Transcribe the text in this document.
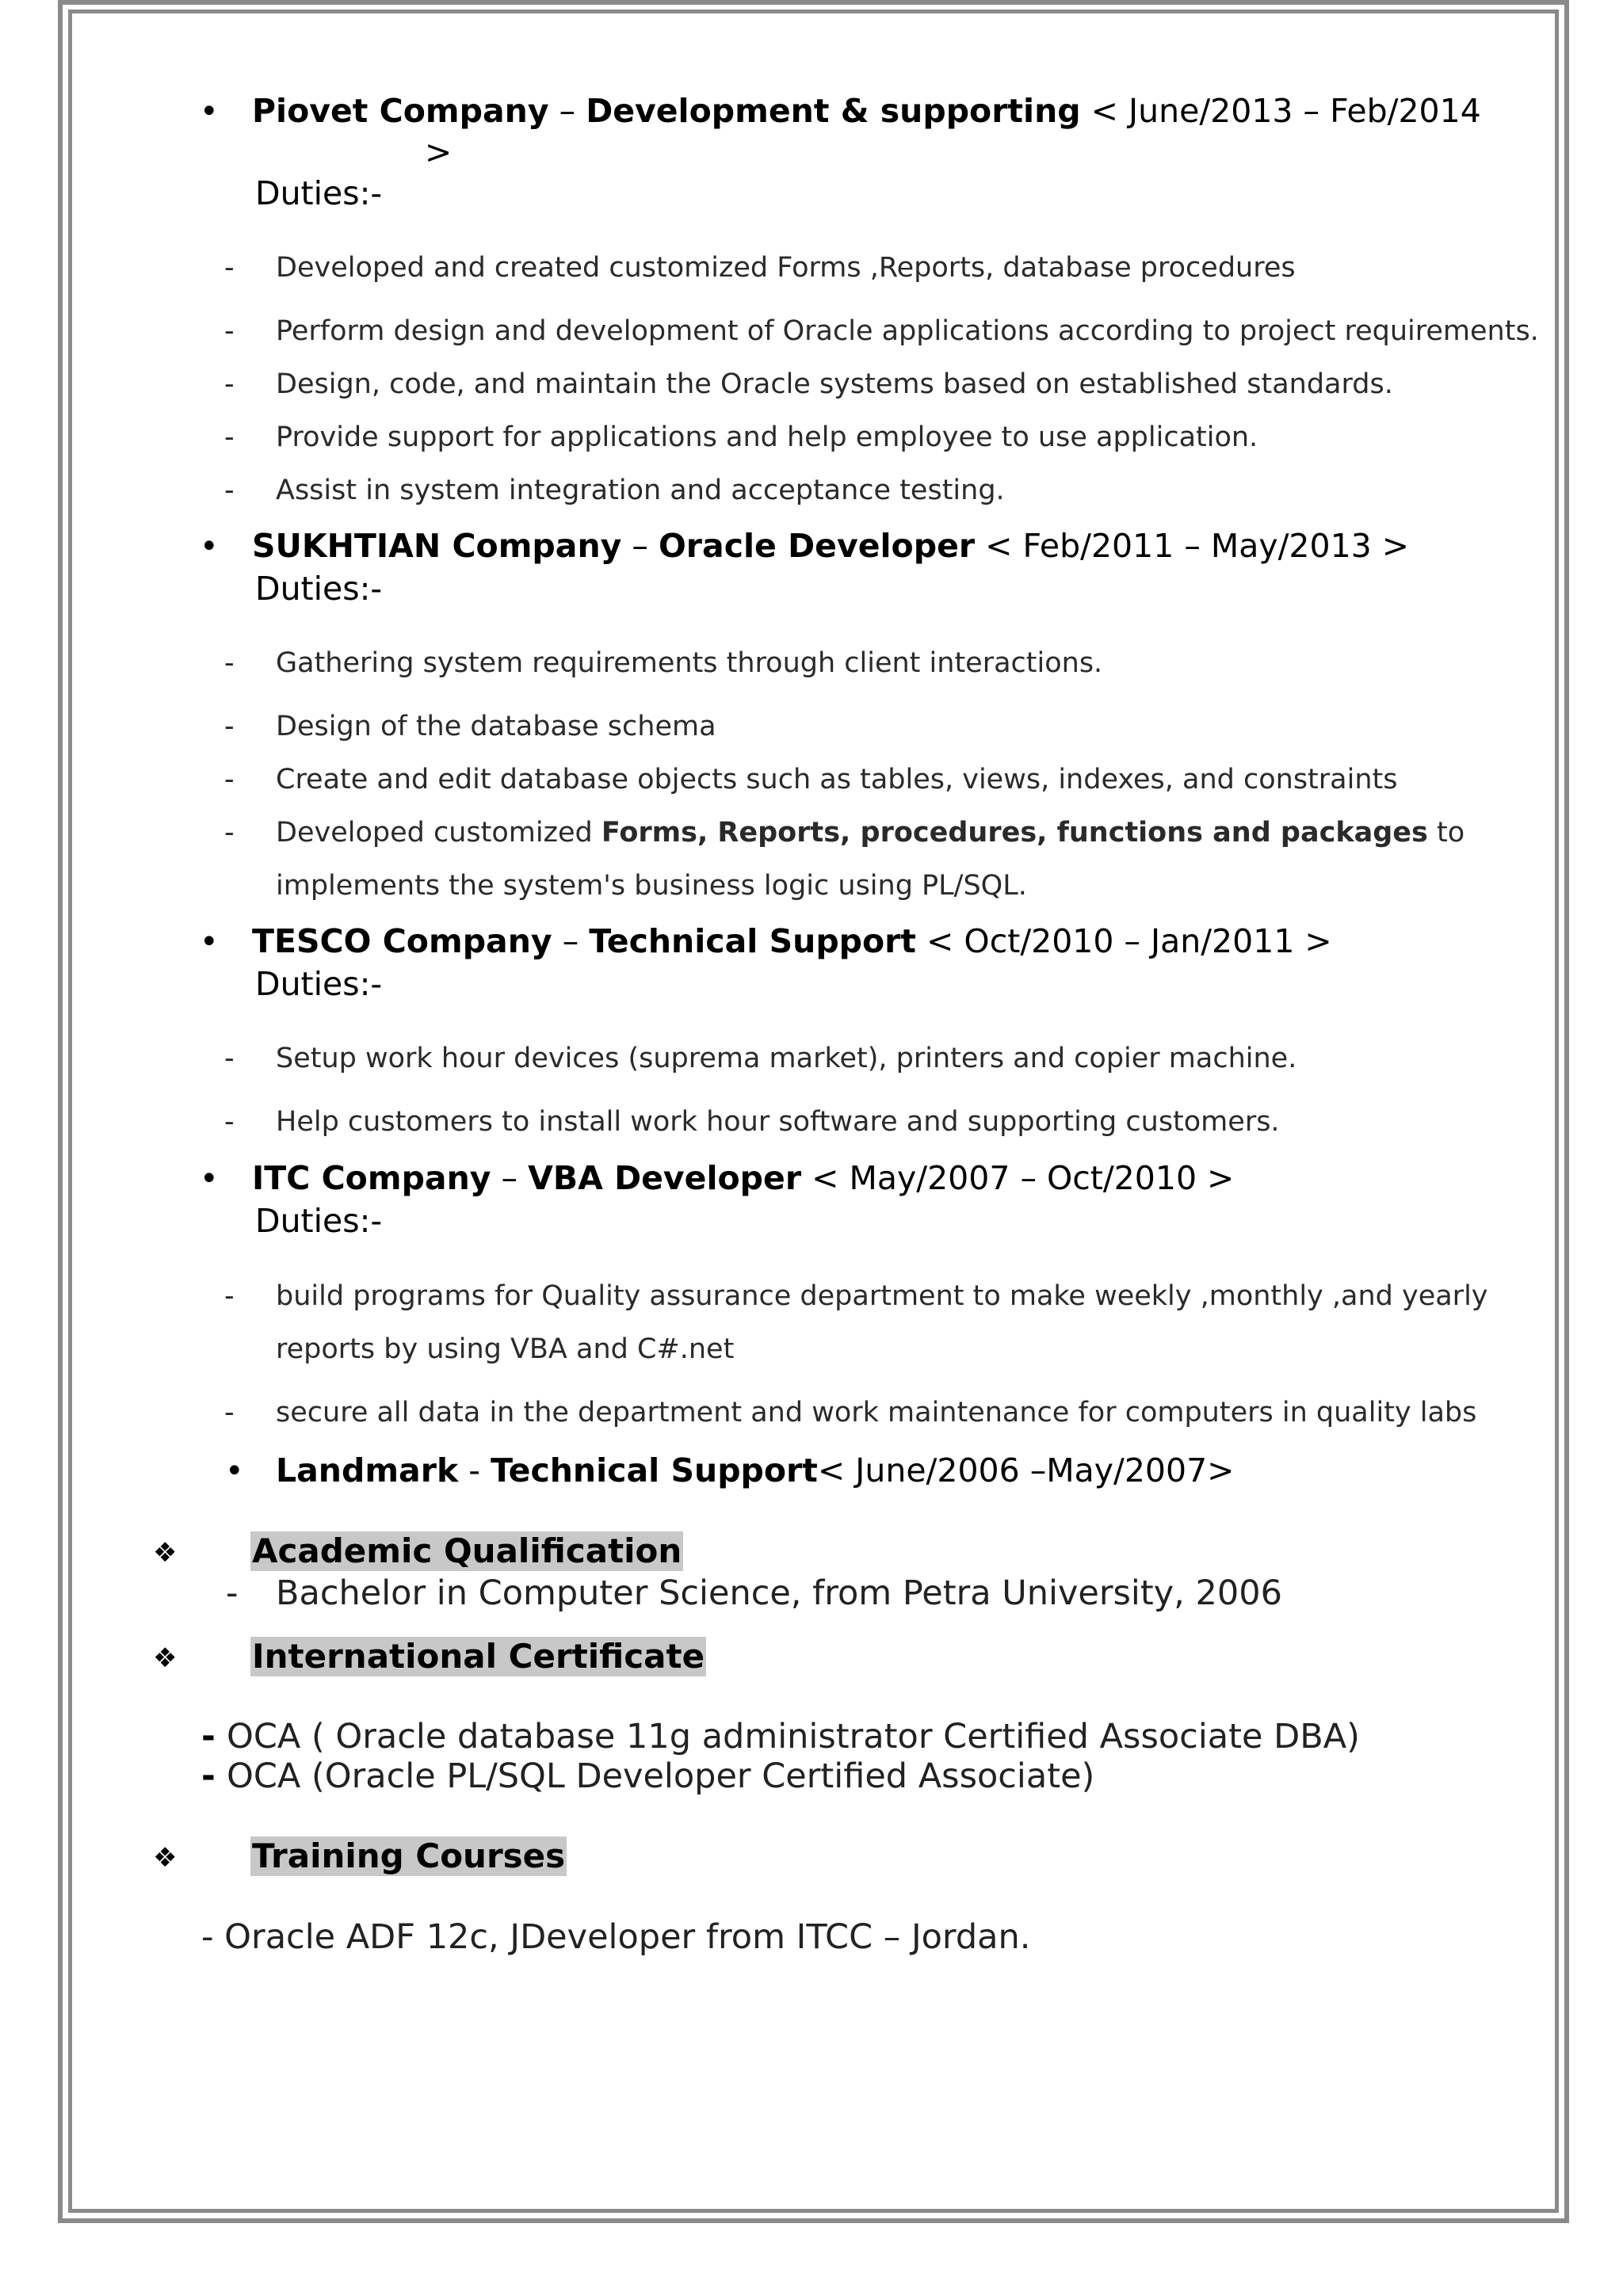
• Piovet Company – Development & supporting < June/2013 – Feb/2014
>
Duties:-
- Developed and created customized Forms ,Reports, database procedures
- Perform design and development of Oracle applications according to project requirements.
- Design, code, and maintain the Oracle systems based on established standards.
- Provide support for applications and help employee to use application.
- Assist in system integration and acceptance testing.
• SUKHTIAN Company – Oracle Developer < Feb/2011 – May/2013 >
Duties:-
- Gathering system requirements through client interactions.
- Design of the database schema
- Create and edit database objects such as tables, views, indexes, and constraints
- Developed customized Forms, Reports, procedures, functions and packages to
implements the system's business logic using PL/SQL.
• TESCO Company – Technical Support < Oct/2010 – Jan/2011 >
Duties:-
- Setup work hour devices (suprema market), printers and copier machine.
- Help customers to install work hour software and supporting customers.
• ITC Company – VBA Developer < May/2007 – Oct/2010 >
Duties:-
- build programs for Quality assurance department to make weekly ,monthly ,and yearly
reports by using VBA and C#.net
- secure all data in the department and work maintenance for computers in quality labs
• Landmark - Technical Support< June/2006 –May/2007>
❖ Academic Qualification
- Bachelor in Computer Science, from Petra University, 2006
❖ International Certificate
- OCA ( Oracle database 11g administrator Certified Associate DBA)
- OCA (Oracle PL/SQL Developer Certified Associate)
❖ Training Courses
- Oracle ADF 12c, JDeveloper from ITCC – Jordan.
